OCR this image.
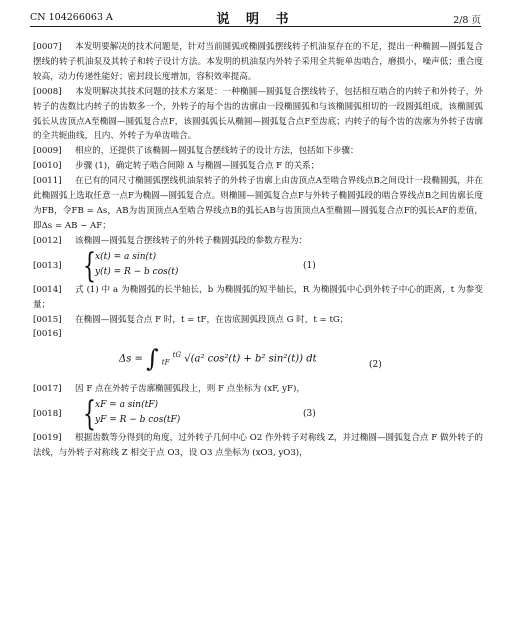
CN 104266063 A	说 明 书	2/8 页

[0007] 本发明要解决的技术问题是，针对当前圆弧或椭圆弧摆线转子机油泵存在的不足，提出一种椭圆—圆弧复合摆线的转子机油泵及其转子和转子设计方法。本发明的机油泵内外转子采用全共轭单齿啮合，磨损小，噪声低；重合度较高，动力传递性能好；密封段长度增加，容积效率提高。

[0008] 本发明解决其技术问题的技术方案是：一种椭圆—圆弧复合摆线转子，包括相互啮合的内转子和外转子，外转子的齿数比内转子的齿数多一个，外转子的每个齿的齿廓由一段椭圆弧和与该椭圆弧相切的一段圆弧组成，该椭圆弧弧长从齿顶点A至椭圆—圆弧复合点F，该圆弧弧长从椭圆—圆弧复合点F至齿底；内转子的每个齿的齿廓为外转子齿廓的全共轭曲线，且内、外转子为单齿啮合。

[0009] 相应的，还提供了该椭圆—圆弧复合摆线转子的设计方法，包括如下步骤：

[0010] 步骤 (1)，确定转子啮合间隙 Δ 与椭圆—圆弧复合点 F 的关系；

[0011] 在已有的同尺寸椭圆弧摆线机油泵转子的外转子齿廓上由齿顶点A至啮合界线点B之间设计一段椭圆弧，并在此椭圆弧上选取任意一点F为椭圆—圆弧复合点。则椭圆—圆弧复合点F与外转子椭圆弧段的啮合界线点B之间齿廓长度为FB，令FB = Δs，AB为齿顶顶点A至啮合界线点B的弧长AB与齿顶顶点A至椭圆—圆弧复合点F的弧长AF的差值，即Δs = AB − AF；

[0012] 该椭圆—圆弧复合摆线转子的外转子椭圆弧段的参数方程为：

[0013] { x(t) = a sin(t)
y(t) = R − b cos(t)
(1)

[0014] 式 (1) 中 a 为椭圆弧的长半轴长，b 为椭圆弧的短半轴长，R 为椭圆弧中心到外转子中心的距离，t 为参变量；

[0015] 在椭圆—圆弧复合点 F 时，t = tF，在齿底圆弧段顶点 G 时，t = tG；

[0016]

Δs = ∫ $_{tF}$ $^{tG}$ √(a² cos²(t) + b² sin²(t)) dt
(2)

[0017] 因 F 点在外转子齿廓椭圆弧段上，则 F 点坐标为 (xF, yF)，

[0018] { xF = a sin(tF)
yF = R − b cos(tF)
(3)

[0019] 根据齿数等分得到的角度，过外转子几何中心 O2 作外转子对称线 Z，并过椭圆—圆弧复合点 F 做外转子的法线，与外转子对称线 Z 相交于点 O3，设 O3 点坐标为 (xO3, yO3)，
